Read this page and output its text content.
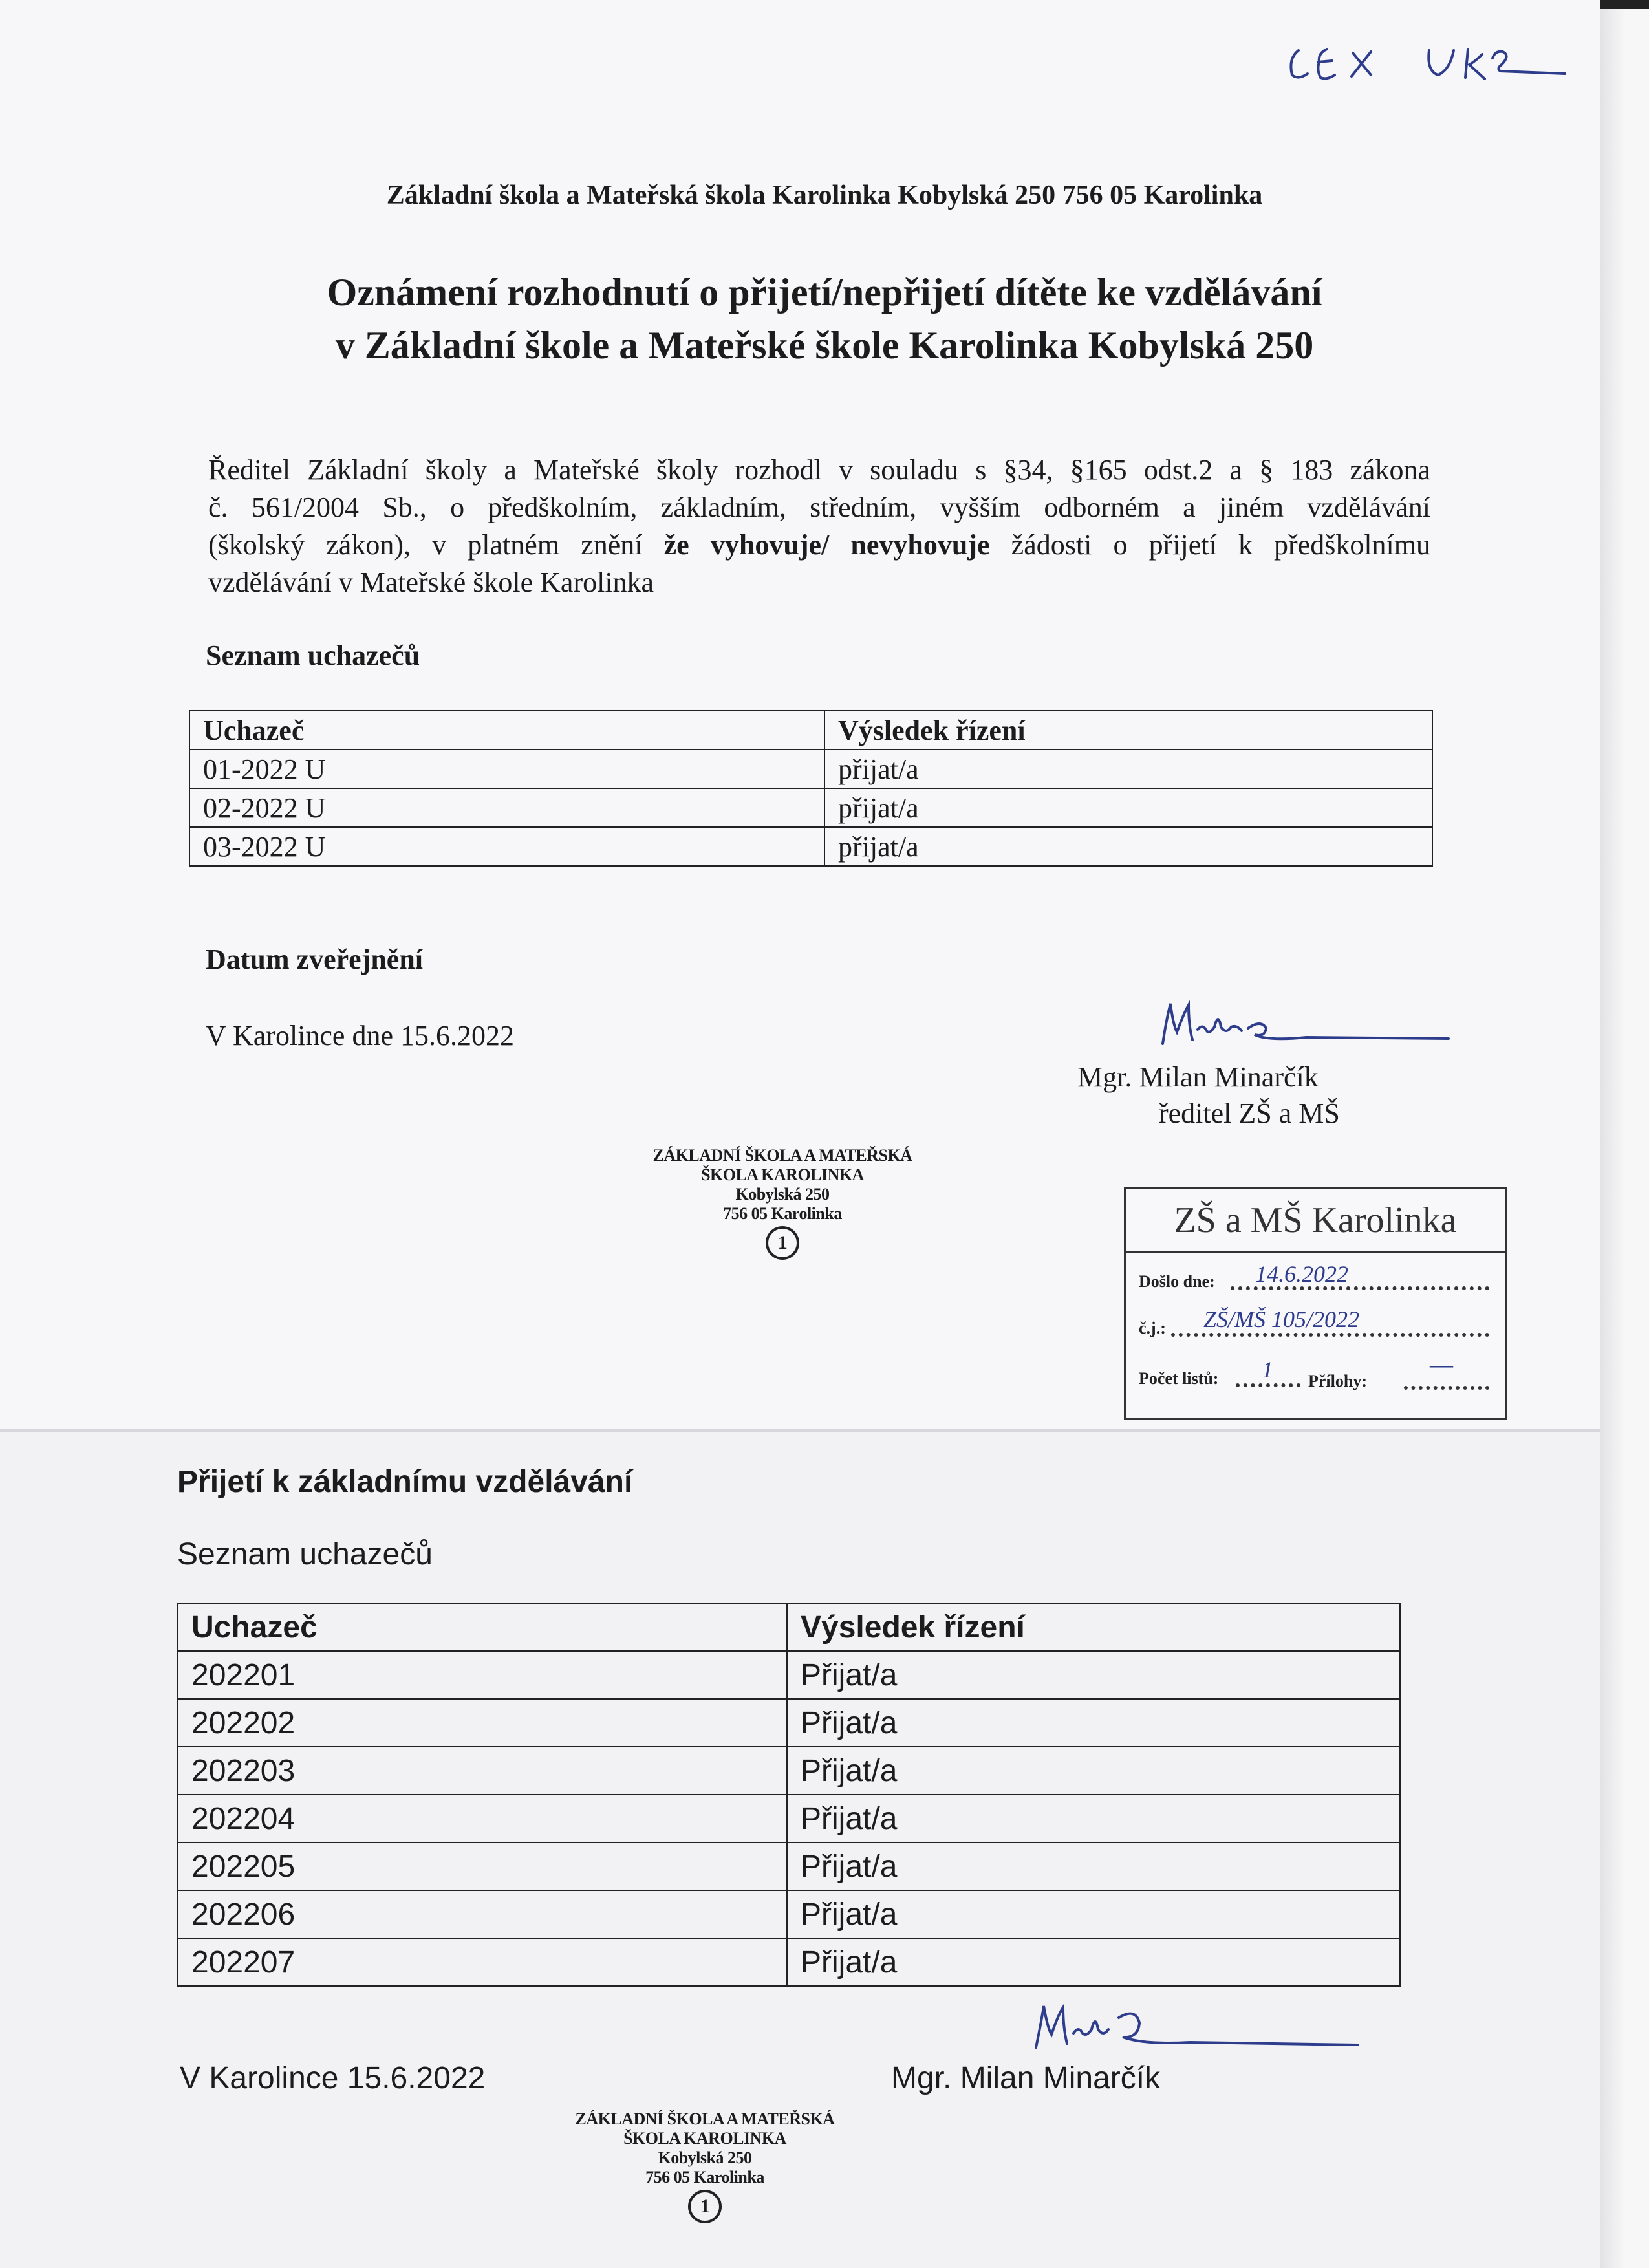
Základní škola a Mateřská škola Karolinka Kobylská 250 756 05 Karolinka
Oznámení rozhodnutí o přijetí/nepřijetí dítěte ke vzdělávání
v Základní škole a Mateřské škole Karolinka Kobylská 250
Ředitel Základní školy a Mateřské školy rozhodl v souladu s §34, §165 odst.2 a § 183 zákona
č. 561/2004 Sb., o předškolním, základním, středním, vyšším odborném a jiném vzdělávání
(školský zákon), v platném znění že vyhovuje/ nevyhovuje žádosti o přijetí k předškolnímu
vzdělávání v Mateřské škole Karolinka
Seznam uchazečů
Uchazeč	Výsledek řízení
01-2022 U	přijat/a
02-2022 U	přijat/a
03-2022 U	přijat/a
Datum zveřejnění
V Karolince dne 15.6.2022
Mgr. Milan Minarčík
ředitel ZŠ a MŠ
ZÁKLADNÍ ŠKOLA A MATEŘSKÁ
ŠKOLA KAROLINKA
Kobylská 250
756 05 Karolinka
1
ZŠ a MŠ Karolinka
Došlo dne: 14.6.2022
č.j.: ZŠ/MŠ 105/2022
Počet listů: 1 Přílohy:
—
Přijetí k základnímu vzdělávání
Seznam uchazečů
Uchazeč	Výsledek řízení
202201	Přijat/a
202202	Přijat/a
202203	Přijat/a
202204	Přijat/a
202205	Přijat/a
202206	Přijat/a
202207	Přijat/a
V Karolince 15.6.2022	Mgr. Milan Minarčík
ZÁKLADNÍ ŠKOLA A MATEŘSKÁ
ŠKOLA KAROLINKA
Kobylská 250
756 05 Karolinka
1
